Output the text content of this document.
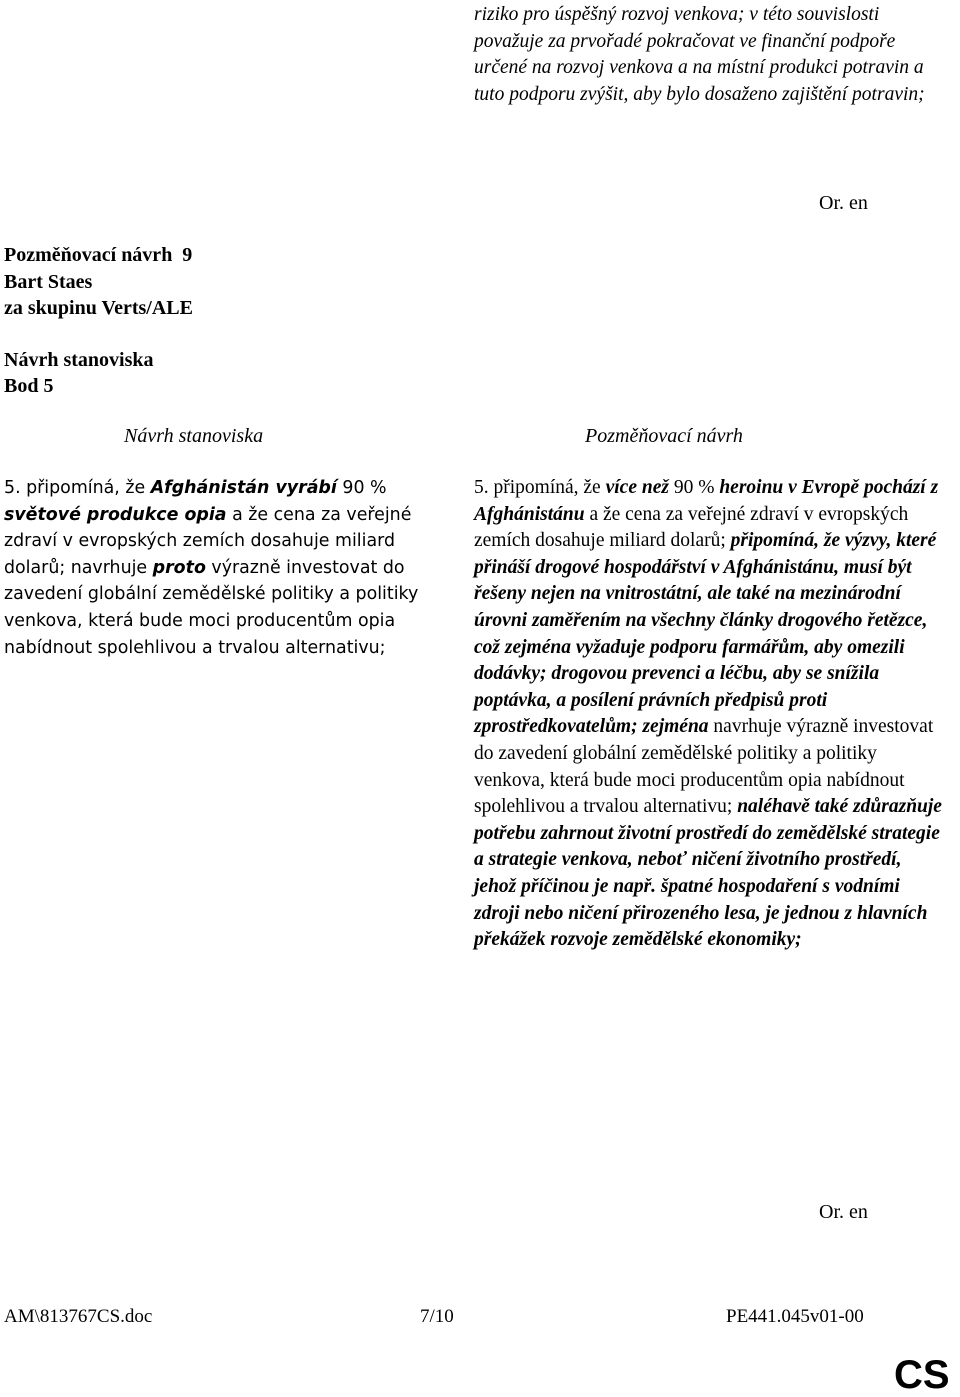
riziko pro úspěšný rozvoj venkova; v této souvislosti považuje za prvořadé pokračovat ve finanční podpoře určené na rozvoj venkova a na místní produkci potravin a tuto podporu zvýšit, aby bylo dosaženo zajištění potravin;
Or. en
Pozměňovací návrh  9
Bart Staes
za skupinu Verts/ALE
Návrh stanoviska
Bod 5
Návrh stanoviska	Pozměňovací návrh
5. připomíná, že Afghánistán vyrábí 90 % světové produkce opia a že cena za veřejné zdraví v evropských zemích dosahuje miliard dolarů; navrhuje proto výrazně investovat do zavedení globální zemědělské politiky a politiky venkova, která bude moci producentům opia nabídnout spolehlivou a trvalou alternativu;
5. připomíná, že více než 90 % heroinu v Evropě pochází z Afghánistánu a že cena za veřejné zdraví v evropských zemích dosahuje miliard dolarů; připomíná, že výzvy, které přináší drogové hospodářství v Afghánistánu, musí být řešeny nejen na vnitrostátní, ale také na mezinárodní úrovni zaměřením na všechny články drogového řetězce, což zejména vyžaduje podporu farmářům, aby omezili dodávky; drogovou prevenci a léčbu, aby se snížila poptávka, a posílení právních předpisů proti zprostředkovatelům; zejména navrhuje výrazně investovat do zavedení globální zemědělské politiky a politiky venkova, která bude moci producentům opia nabídnout spolehlivou a trvalou alternativu; naléhavě také zdůrazňuje potřebu zahrnout životní prostředí do zemědělské strategie a strategie venkova, neboť ničení životního prostředí, jehož příčinou je např. špatné hospodaření s vodními zdroji nebo ničení přirozeného lesa, je jednou z hlavních překážek rozvoje zemědělské ekonomiky;
Or. en
AM\813767CS.doc	7/10	PE441.045v01-00
CS
